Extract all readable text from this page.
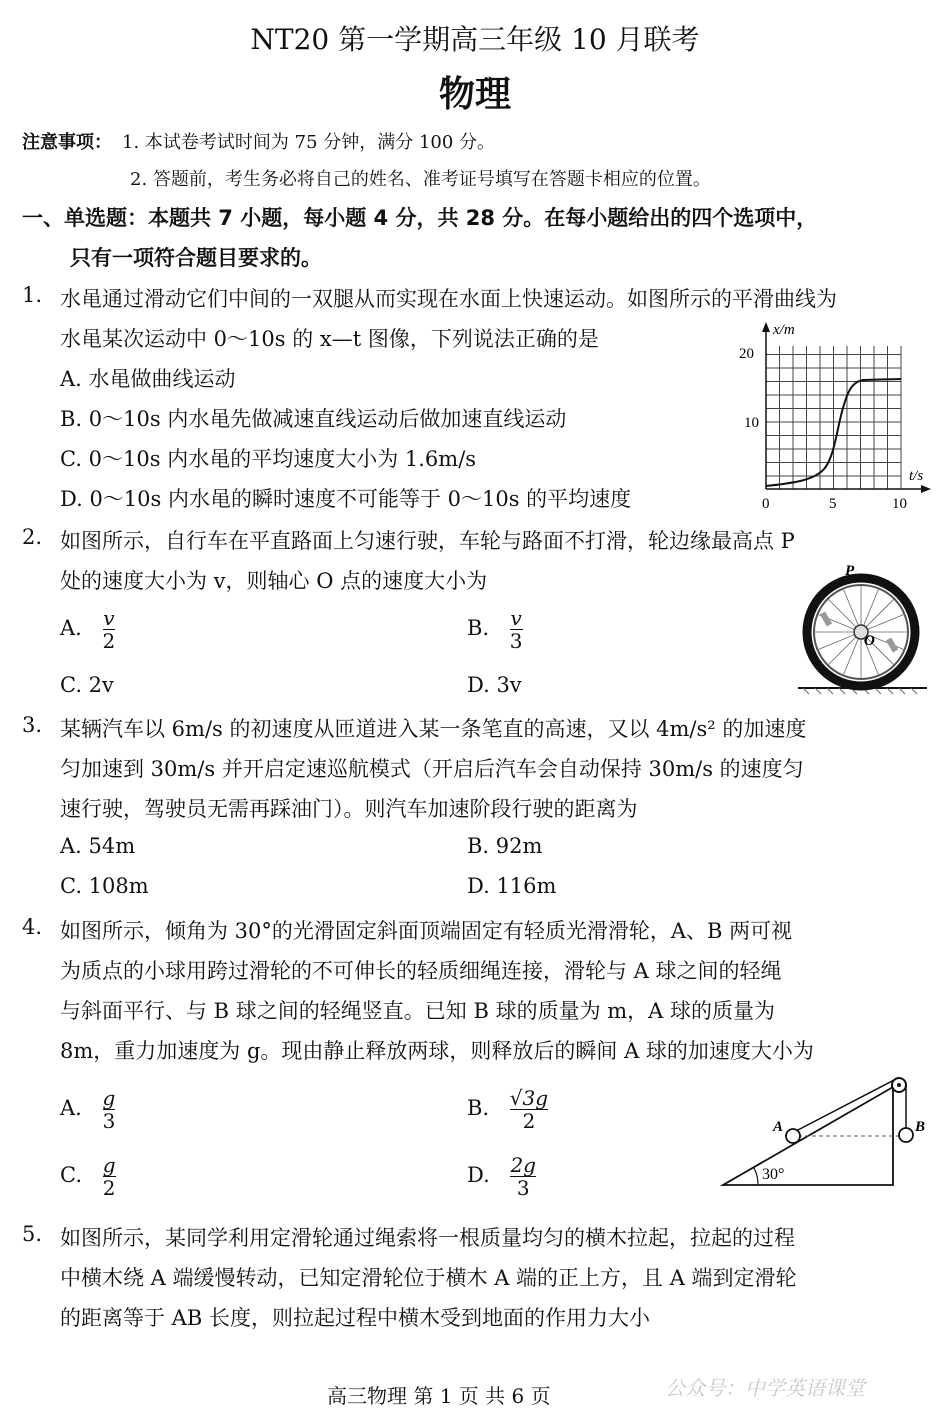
NT20 第一学期高三年级 10 月联考
物理
注意事项： 1. 本试卷考试时间为 75 分钟，满分 100 分。
2. 答题前，考生务必将自己的姓名、准考证号填写在答题卡相应的位置。
一、单选题：本题共 7 小题，每小题 4 分，共 28 分。在每小题给出的四个选项中，
只有一项符合题目要求的。
1. 水黾通过滑动它们中间的一双腿从而实现在水面上快速运动。如图所示的平滑曲线为
水黾某次运动中 0～10s 的 x—t 图像，下列说法正确的是
A. 水黾做曲线运动
B. 0～10s 内水黾先做减速直线运动后做加速直线运动
C. 0～10s 内水黾的平均速度大小为 1.6m/s
D. 0～10s 内水黾的瞬时速度不可能等于 0～10s 的平均速度
x/m
20
10
t/s
0	5	10
2. 如图所示，自行车在平直路面上匀速行驶，车轮与路面不打滑，轮边缘最高点 P
处的速度大小为 v，则轴心 O 点的速度大小为
A. $\frac{v}{2}$	B. $\frac{v}{3}$
C. 2v	D. 3v
P
O
3. 某辆汽车以 6m/s 的初速度从匝道进入某一条笔直的高速，又以 4m/s² 的加速度
匀加速到 30m/s 并开启定速巡航模式（开启后汽车会自动保持 30m/s 的速度匀
速行驶，驾驶员无需再踩油门）。则汽车加速阶段行驶的距离为
A. 54m	B. 92m
C. 108m	D. 116m
4. 如图所示，倾角为 30°的光滑固定斜面顶端固定有轻质光滑滑轮，A、B 两可视
为质点的小球用跨过滑轮的不可伸长的轻质细绳连接，滑轮与 A 球之间的轻绳
与斜面平行、与 B 球之间的轻绳竖直。已知 B 球的质量为 m，A 球的质量为
8m，重力加速度为 g。现由静止释放两球，则释放后的瞬间 A 球的加速度大小为
A. $\frac{g}{3}$	B. $\frac{√3g}{2}$
C. $\frac{g}{2}$	D. $\frac{2g}{3}$
A	B
30°
5. 如图所示，某同学利用定滑轮通过绳索将一根质量均匀的横木拉起，拉起的过程
中横木绕 A 端缓慢转动，已知定滑轮位于横木 A 端的正上方，且 A 端到定滑轮
的距离等于 AB 长度，则拉起过程中横木受到地面的作用力大小
高三物理 第 1 页 共 6 页	公众号：中学英语课堂
